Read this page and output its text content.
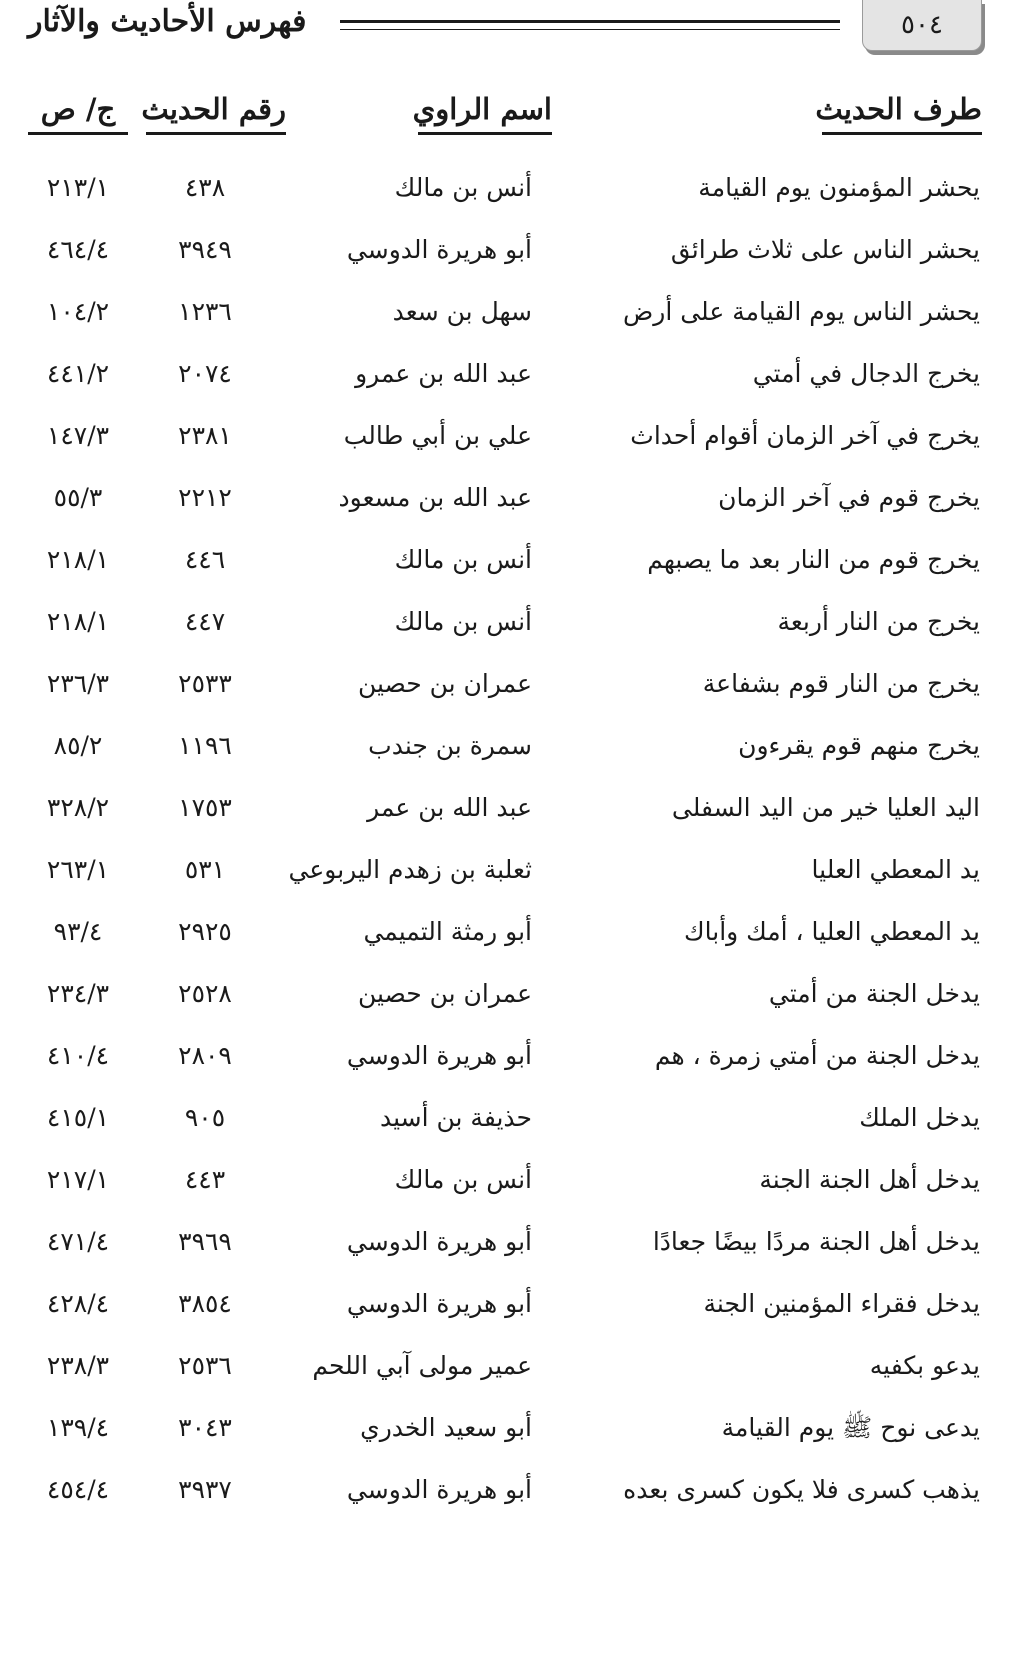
٥٠٤
فهرس الأحاديث والآثار
طرف الحديث
اسم الراوي
رقم الحديث
ج/ ص
يحشر المؤمنون يوم القيامة
أنس بن مالك
٤٣٨
٢١٣/١
يحشر الناس على ثلاث طرائق
أبو هريرة الدوسي
٣٩٤٩
٤٦٤/٤
يحشر الناس يوم القيامة على أرض
سهل بن سعد
١٢٣٦
١٠٤/٢
يخرج الدجال في أمتي
عبد الله بن عمرو
٢٠٧٤
٤٤١/٢
يخرج في آخر الزمان أقوام أحداث
علي بن أبي طالب
٢٣٨١
١٤٧/٣
يخرج قوم في آخر الزمان
عبد الله بن مسعود
٢٢١٢
٥٥/٣
يخرج قوم من النار بعد ما يصبهم
أنس بن مالك
٤٤٦
٢١٨/١
يخرج من النار أربعة
أنس بن مالك
٤٤٧
٢١٨/١
يخرج من النار قوم بشفاعة
عمران بن حصين
٢٥٣٣
٢٣٦/٣
يخرج منهم قوم يقرءون
سمرة بن جندب
١١٩٦
٨٥/٢
اليد العليا خير من اليد السفلى
عبد الله بن عمر
١٧٥٣
٣٢٨/٢
يد المعطي العليا
ثعلبة بن زهدم اليربوعي
٥٣١
٢٦٣/١
يد المعطي العليا ، أمك وأباك
أبو رمثة التميمي
٢٩٢٥
٩٣/٤
يدخل الجنة من أمتي
عمران بن حصين
٢٥٢٨
٢٣٤/٣
يدخل الجنة من أمتي زمرة ، هم
أبو هريرة الدوسي
٢٨٠٩
٤١٠/٤
يدخل الملك
حذيفة بن أسيد
٩٠٥
٤١٥/١
يدخل أهل الجنة الجنة
أنس بن مالك
٤٤٣
٢١٧/١
يدخل أهل الجنة مردًا بيضًا جعادًا
أبو هريرة الدوسي
٣٩٦٩
٤٧١/٤
يدخل فقراء المؤمنين الجنة
أبو هريرة الدوسي
٣٨٥٤
٤٢٨/٤
يدعو بكفيه
عمير مولى آبي اللحم
٢٥٣٦
٢٣٨/٣
يدعى نوح ﷺ يوم القيامة
أبو سعيد الخدري
٣٠٤٣
١٣٩/٤
يذهب كسرى فلا يكون كسرى بعده
أبو هريرة الدوسي
٣٩٣٧
٤٥٤/٤
